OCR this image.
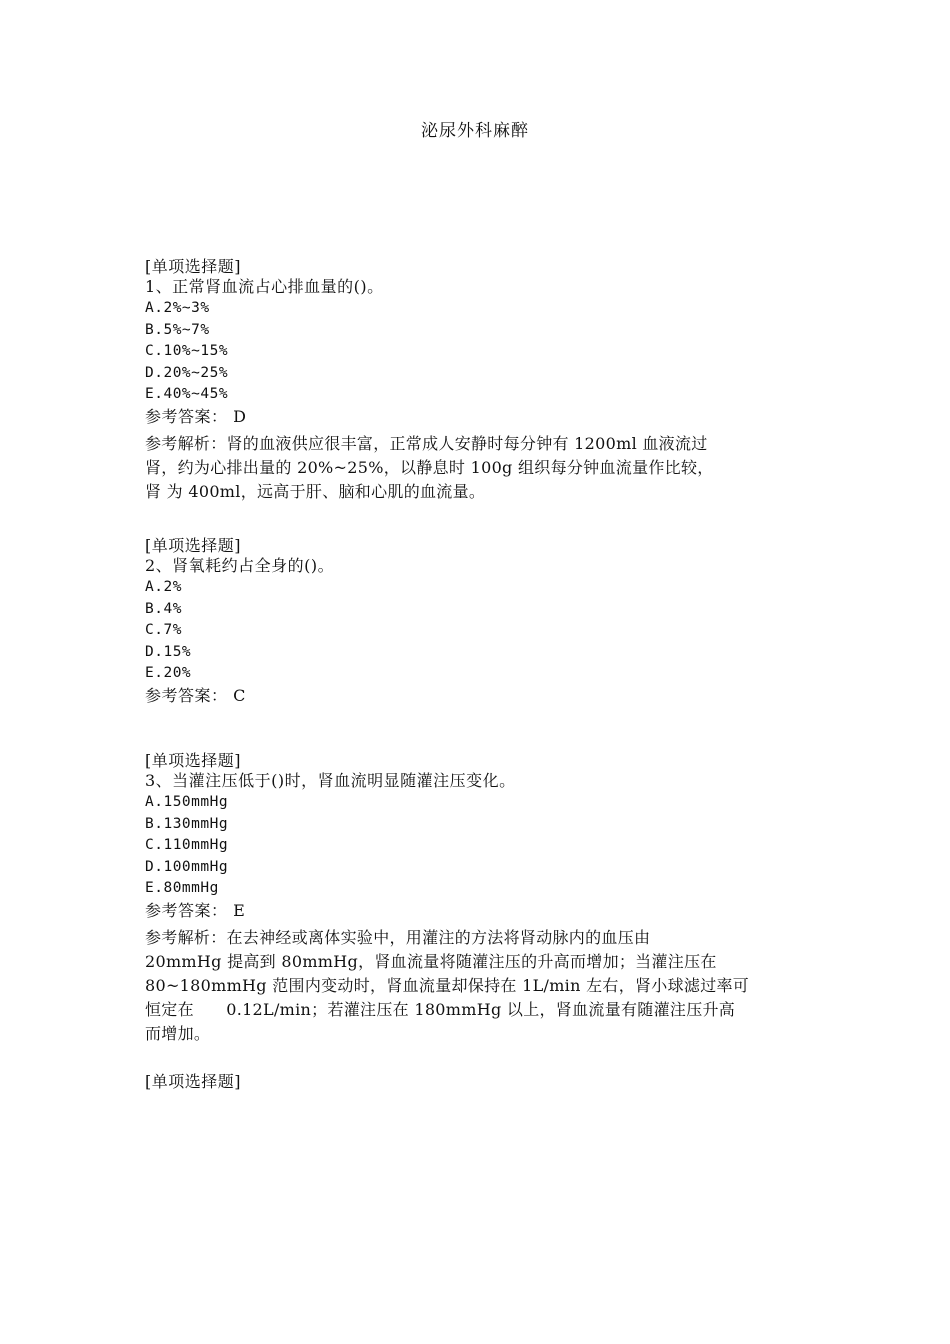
泌尿外科麻醉
[单项选择题]
1、正常肾血流占心排血量的()。
A.2%~3%
B.5%~7%
C.10%~15%
D.20%~25%
E.40%~45%
参考答案： D

参考解析：肾的血液供应很丰富，正常成人安静时每分钟有 1200ml 血液流过

肾，约为心排出量的 20%~25%，以静息时 100g 组织每分钟血流量作比较，

肾 为 400ml，远高于肝、脑和心肌的血流量。

[单项选择题]
2、肾氧耗约占全身的()。
A.2%
B.4%
C.7%
D.15%
E.20%
参考答案： C
[单项选择题]
3、当灌注压低于()时，肾血流明显随灌注压变化。
A.150mmHg
B.130mmHg
C.110mmHg
D.100mmHg
E.80mmHg
参考答案： E

参考解析：在去神经或离体实验中，用灌注的方法将肾动脉内的血压由

20mmHg 提高到 80mmHg，肾血流量将随灌注压的升高而增加；当灌注压在

80~180mmHg 范围内变动时，肾血流量却保持在 1L/min 左右，肾小球滤过率可

恒定在      0.12L/min；若灌注压在 180mmHg 以上，肾血流量有随灌注压升高

而增加。

[单项选择题]
